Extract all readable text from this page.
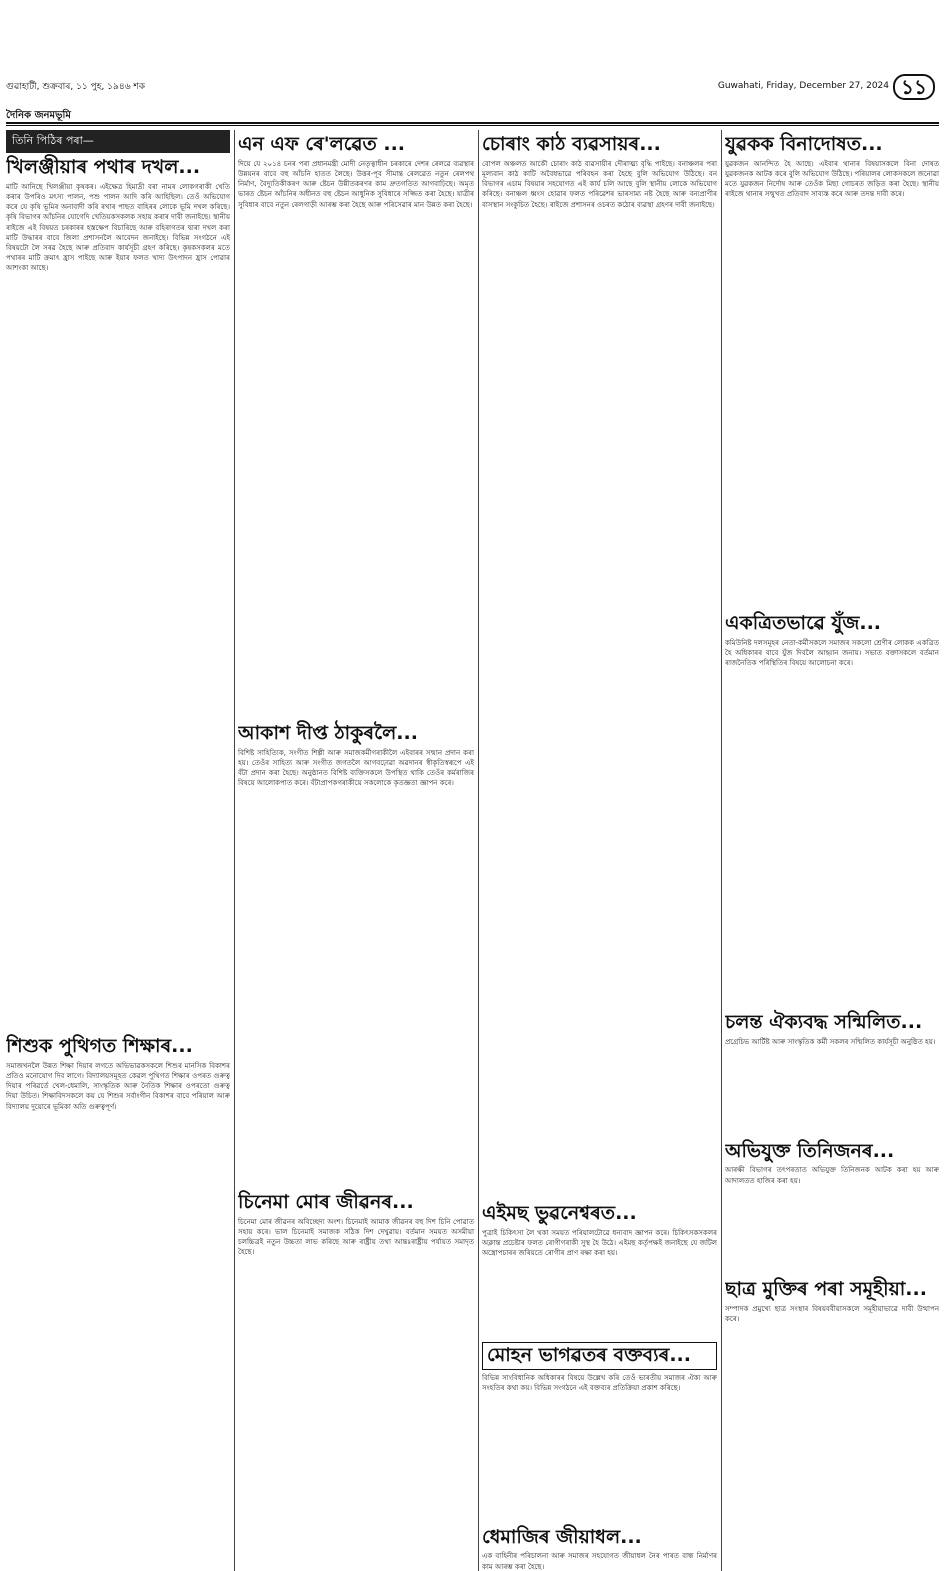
গুৱাহাটী, শুক্ৰবাৰ, ১১ পুহ, ১৯৪৬ শক	Guwahati, Friday, December 27, 2024 ১১
দৈনিক জনমভূমি
তিনি পিঠিৰ পৰা—
খিলঞ্জীয়াৰ পথাৰ দখল...
মাটি আনিছে খিলঞ্জীয়া কৃষকৰ। এইক্ষেত্ৰ হিমাদ্ৰী বৰা নামৰ লোকগৰাকী খেতি কৰাৰ উপৰিও মৎস্য পালন, পশু পালন আদি কৰি আহিছিল। তেওঁ অভিযোগ কৰে যে কৃষি ভূমিৰ অনাবাদী কৰি ৰখাৰ পাছত বাহিৰৰ লোকে ভূমি দখল কৰিছে। কৃষি বিভাগৰ আঁচনিৰ যোগেদি খেতিয়কসকলক সহায় কৰাৰ দাবী জনাইছে। স্থানীয় ৰাইজে এই বিষয়ত চৰকাৰৰ হস্তক্ষেপ বিচাৰিছে আৰু বহিৰাগতৰ দ্বাৰা দখল কৰা মাটি উদ্ধাৰৰ বাবে জিলা প্ৰশাসনলৈ আবেদন জনাইছে। বিভিন্ন সংগঠনে এই বিষয়টো লৈ সৰৱ হৈছে আৰু প্ৰতিবাদ কাৰ্যসূচী গ্ৰহণ কৰিছে। কৃষকসকলৰ মতে পথাৰৰ মাটি ক্ৰমাৎ হ্ৰাস পাইছে আৰু ইয়াৰ ফলত খাদ্য উৎপাদন হ্ৰাস পোৱাৰ আশংকা আছে।
শিশুক পুথিগত শিক্ষাৰ...
সমাজখনলৈ উন্নত শিক্ষা দিয়াৰ লগতে অভিভাৱকসকলে শিশুৰ মানসিক বিকাশৰ প্ৰতিও মনোযোগ দিব লাগে। বিদ্যালয়সমূহত কেৱল পুথিগত শিক্ষাৰ ওপৰত গুৰুত্ব দিয়াৰ পৰিৱৰ্তে খেল-ধেমালি, সাংস্কৃতিক আৰু নৈতিক শিক্ষাৰ ওপৰতো গুৰুত্ব দিয়া উচিত। শিক্ষাবিদসকলে কয় যে শিশুৰ সৰ্বাংগীন বিকাশৰ বাবে পৰিয়াল আৰু বিদ্যালয় দুয়োৰে ভূমিকা অতি গুৰুত্বপূৰ্ণ।
এন এফ ৰে'লৱেত ...
দিয়ে যে ২০১৪ চনৰ পৰা প্ৰধানমন্ত্ৰী মোদী নেতৃত্বাধীন চৰকাৰে দেশৰ ৰেলৱে ব্যৱস্থাৰ উন্নয়নৰ বাবে বহু আঁচনি হাতত লৈছে। উত্তৰ-পূব সীমান্ত ৰেলৱেত নতুন ৰেলপথ নিৰ্মাণ, বৈদ্যুতিকীকৰণ আৰু ষ্টেচন উন্নীতকৰণৰ কাম দ্ৰুতগতিত আগবাঢ়িছে। অমৃত ভাৰত ষ্টেচন আঁচনিৰ অধীনত বহু ষ্টেচন আধুনিক সুবিধাৰে সজ্জিত কৰা হৈছে। যাত্ৰীৰ সুবিধাৰ বাবে নতুন ৰেলগাড়ী আৰম্ভ কৰা হৈছে আৰু পৰিসেৱাৰ মান উন্নত কৰা হৈছে।
আকাশ দীপ্ত ঠাকুৰলৈ...
বিশিষ্ট সাহিত্যিক, সংগীত শিল্পী আৰু সমাজকৰ্মীগৰাকীলৈ এইবাৰৰ সন্মান প্ৰদান কৰা হয়। তেওঁৰ সাহিত্য আৰু সংগীত জগতলৈ আগবঢ়োৱা অৱদানৰ স্বীকৃতিস্বৰূপে এই বঁটা প্ৰদান কৰা হৈছে। অনুষ্ঠানত বিশিষ্ট ব্যক্তিসকলে উপস্থিত থাকি তেওঁৰ কৰ্মৰাজিৰ বিষয়ে আলোকপাত কৰে। বঁটাপ্ৰাপকগৰাকীয়ে সকলোকে কৃতজ্ঞতা জ্ঞাপন কৰে।
চিনেমা মোৰ জীৱনৰ...
চিনেমা মোৰ জীৱনৰ অবিচ্ছেদ্য অংশ। চিনেমাই আমাক জীৱনৰ বহু দিশ চিনি পোৱাত সহায় কৰে। ভাল চিনেমাই সমাজক সঠিক দিশ দেখুৱায়। বৰ্তমান সময়ত অসমীয়া চলচ্চিত্ৰই নতুন উচ্চতা লাভ কৰিছে আৰু ৰাষ্ট্ৰীয় তথা আন্তঃৰাষ্ট্ৰীয় পৰ্যায়ত সমাদৃত হৈছে।
চোৰাং কাঠ ব্যৱসায়ৰ...
বোপল অঞ্চলত আকৌ চোৰাং কাঠ ব্যৱসায়ীৰ দৌৰাত্ম্য বৃদ্ধি পাইছে। বনাঞ্চলৰ পৰা মূল্যবান কাঠ কাটি অবৈধভাৱে পৰিবহন কৰা হৈছে বুলি অভিযোগ উঠিছে। বন বিভাগৰ এচাম বিষয়াৰ সহযোগত এই কাৰ্য চলি আছে বুলি স্থানীয় লোকে অভিযোগ কৰিছে। বনাঞ্চল ধ্বংস হোৱাৰ ফলত পৰিৱেশৰ ভাৰসাম্য নষ্ট হৈছে আৰু বন্যপ্ৰাণীৰ বাসস্থান সংকুচিত হৈছে। ৰাইজে প্ৰশাসনৰ ওচৰত কঠোৰ ব্যৱস্থা গ্ৰহণৰ দাবী জনাইছে।
এইমছ ভুৱনেশ্বৰত...
পুত্ৰাই চিকিৎসা লৈ থকা সময়ত পৰিয়ালটোৱে ধন্যবাদ জ্ঞাপন কৰে। চিকিৎসকসকলৰ অক্লান্ত প্ৰচেষ্টাৰ ফলত ৰোগীগৰাকী সুস্থ হৈ উঠে। এইমছ কৰ্তৃপক্ষই জনাইছে যে জটিল অস্ত্ৰোপচাৰৰ জৰিয়তে ৰোগীৰ প্ৰাণ ৰক্ষা কৰা হয়।
মোহন ভাগৱতৰ বক্তব্যৰ...
বিভিন্ন সাংবিধানিক অধিকাৰৰ বিষয়ে উল্লেখ কৰি তেওঁ ভাৰতীয় সমাজৰ ঐক্য আৰু সংহতিৰ কথা কয়। বিভিন্ন সংগঠনে এই বক্তব্যৰ প্ৰতিক্ৰিয়া প্ৰকাশ কৰিছে।
ধেমাজিৰ জীয়াধল...
এক বাহিনীৰ পৰিচালনা আৰু সমাজৰ সহযোগত জীয়াধল নৈৰ পাৰত বান্ধ নিৰ্মাণৰ কাম আৰম্ভ কৰা হৈছে।
যুৱকক বিনাদোষত...
যুৱকজন আনন্দিত হৈ আছে। এইবাৰ থানাৰ বিষয়াসকলে বিনা দোষত যুৱকজনক আটক কৰে বুলি অভিযোগ উঠিছে। পৰিয়ালৰ লোকসকলে জনোৱা মতে যুৱকজন নিৰ্দোষ আৰু তেওঁক মিছা গোচৰত জড়িত কৰা হৈছে। স্থানীয় ৰাইজে থানাৰ সন্মুখত প্ৰতিবাদ সাব্যস্ত কৰে আৰু তদন্ত দাবী কৰে।
একত্ৰিতভাৱে যুঁজ...
কমিউনিষ্ট দলসমূহৰ নেতা-কৰ্মীসকলে সমাজৰ সকলো শ্ৰেণীৰ লোকক একত্ৰিত হৈ অধিকাৰৰ বাবে যুঁজ দিবলৈ আহ্বান জনায়। সভাত বক্তাসকলে বৰ্তমান ৰাজনৈতিক পৰিস্থিতিৰ বিষয়ে আলোচনা কৰে।
চলন্ত ঐক্যবদ্ধ সন্মিলিত...
প্ৰগ্ৰেচিভ আৰ্টিষ্ট আৰু সাংস্কৃতিক কৰ্মী সকলৰ সন্মিলিত কাৰ্যসূচী অনুষ্ঠিত হয়।
অভিযুক্ত তিনিজনৰ...
আৰক্ষী বিভাগৰ তৎপৰতাত অভিযুক্ত তিনিজনক আটক কৰা হয় আৰু আদালতত হাজিৰ কৰা হয়।
ছাত্ৰ মুক্তিৰ পৰা সমূহীয়া...
সম্পাদক প্ৰমুখ্যে ছাত্ৰ সংস্থাৰ বিষয়ববীয়াসকলে সমূহীয়াভাৱে দাবী উত্থাপন কৰে।
